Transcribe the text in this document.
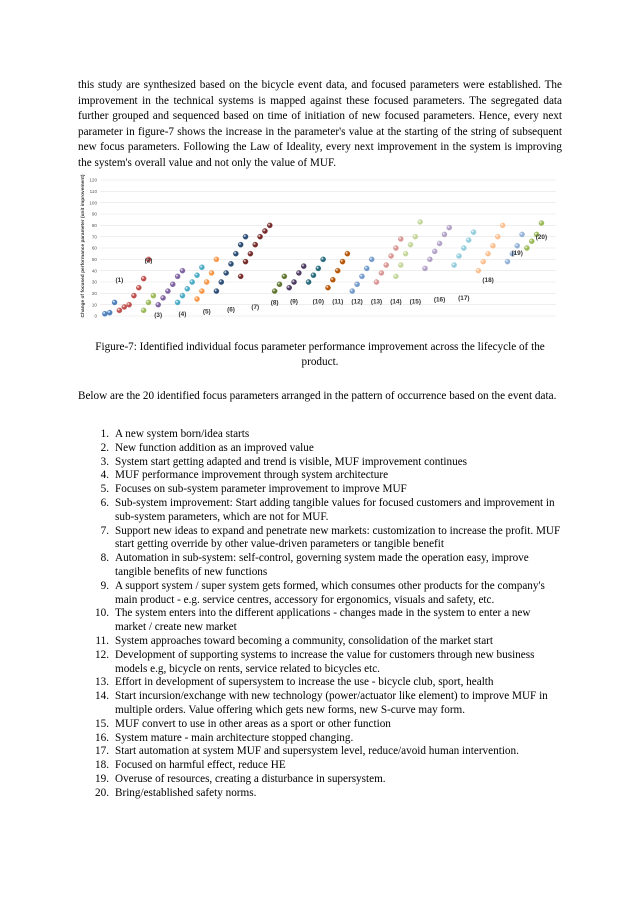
this study are synthesized based on the bicycle event data, and focused parameters were established. The improvement in the technical systems is mapped against these focused parameters. The segregated data further grouped and sequenced based on time of initiation of new focused parameters. Hence, every next parameter in figure-7 shows the increase in the parameter's value at the starting of the string of subsequent new focus parameters. Following the Law of Ideality, every next improvement in the system is improving the system's overall value and not only the value of MUF.

0
10
20
30
40
50
60
70
80
90
100
110
120
Change of focused performance parameter (unit improvement)	(1)
(2)
(3)	(4)	(5)	(6)	(7)
(8) (9) (10) (11) (12) (13) (14) (15) (16) (17)
(18)
(19)
(20)

Figure-7: Identified individual focus parameter performance improvement across the lifecycle of the product.

Below are the 20 identified focus parameters arranged in the pattern of occurrence based on the event data.

1. A new system born/idea starts
2. New function addition as an improved value
3. System start getting adapted and trend is visible, MUF improvement continues
4. MUF performance improvement through system architecture
5. Focuses on sub-system parameter improvement to improve MUF
6. Sub-system improvement: Start adding tangible values for focused customers and improvement in sub-system parameters, which are not for MUF.
7. Support new ideas to expand and penetrate new markets: customization to increase the profit. MUF start getting override by other value-driven parameters or tangible benefit
8. Automation in sub-system: self-control, governing system made the operation easy, improve tangible benefits of new functions
9. A support system / super system gets formed, which consumes other products for the company's main product - e.g. service centres, accessory for ergonomics, visuals and safety, etc.
10. The system enters into the different applications - changes made in the system to enter a new market / create new market
11. System approaches toward becoming a community, consolidation of the market start
12. Development of supporting systems to increase the value for customers through new business models e.g, bicycle on rents, service related to bicycles etc.
13. Effort in development of supersystem to increase the use - bicycle club, sport, health
14. Start incursion/exchange with new technology (power/actuator like element) to improve MUF in multiple orders. Value offering which gets new forms, new S-curve may form.
15. MUF convert to use in other areas as a sport or other function
16. System mature - main architecture stopped changing.
17. Start automation at system MUF and supersystem level, reduce/avoid human intervention.
18. Focused on harmful effect, reduce HE
19. Overuse of resources, creating a disturbance in supersystem.
20. Bring/established safety norms.
